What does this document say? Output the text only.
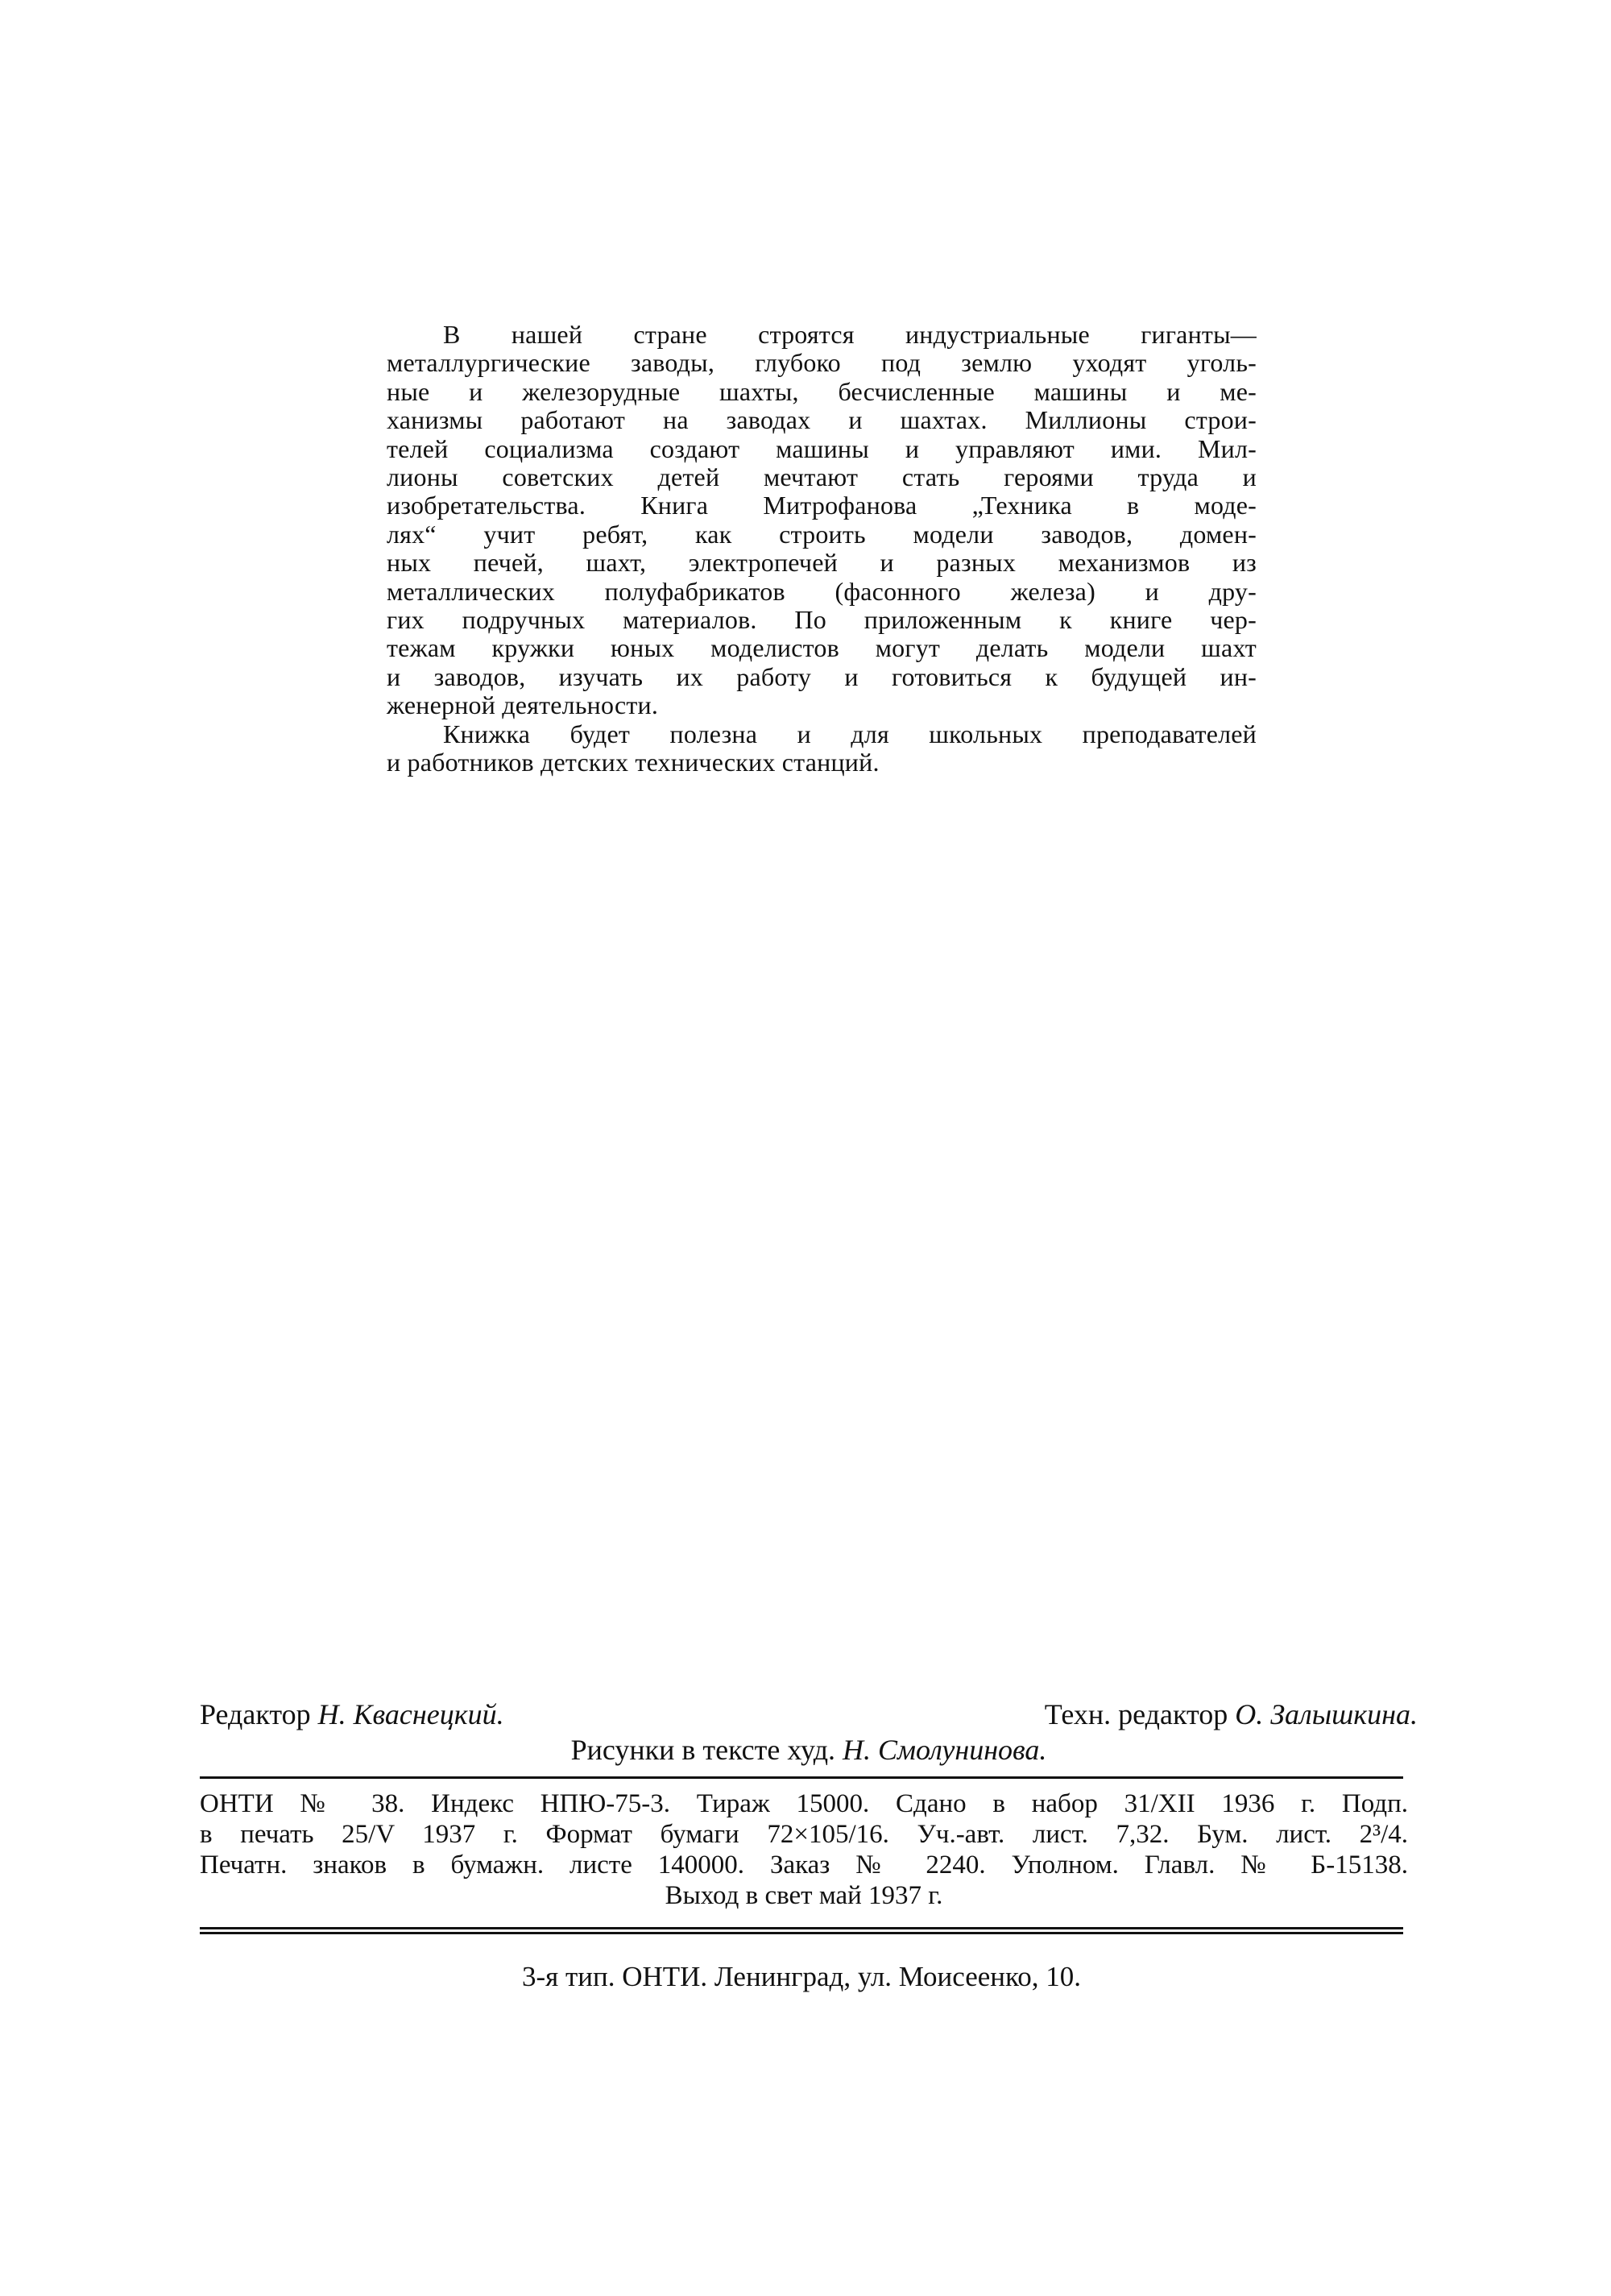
В нашей стране строятся индустриальные гиганты—
металлургические заводы, глубоко под землю уходят уголь-
ные и железорудные шахты, бесчисленные машины и ме-
ханизмы работают на заводах и шахтах. Миллионы строи-
телей социализма создают машины и управляют ими. Мил-
лионы советских детей мечтают стать героями труда и
изобретательства. Книга Митрофанова „Техника в моде-
лях“ учит ребят, как строить модели заводов, домен-
ных печей, шахт, электропечей и разных механизмов из
металлических полуфабрикатов (фасонного железа) и дру-
гих подручных материалов. По приложенным к книге чер-
тежам кружки юных моделистов могут делать модели шахт
и заводов, изучать их работу и готовиться к будущей ин-
женерной деятельности.
Книжка будет полезна и для школьных преподавателей
и работников детских технических станций.
Редактор Н. Кваснецкий.	Техн. редактор О. Залышкина.
Рисунки в тексте худ. Н. Смолунинова.
ОНТИ № 38. Индекс НПЮ-75-3. Тираж 15000. Сдано в набор 31/XII 1936 г. Подп.
в печать 25/V 1937 г. Формат бумаги 72×105/16. Уч.-авт. лист. 7,32. Бум. лист. 2³/4.
Печатн. знаков в бумажн. листе 140000. Заказ № 2240. Уполном. Главл. № Б-15138.
Выход в свет май 1937 г.
3-я тип. ОНТИ. Ленинград, ул. Моисеенко, 10.
